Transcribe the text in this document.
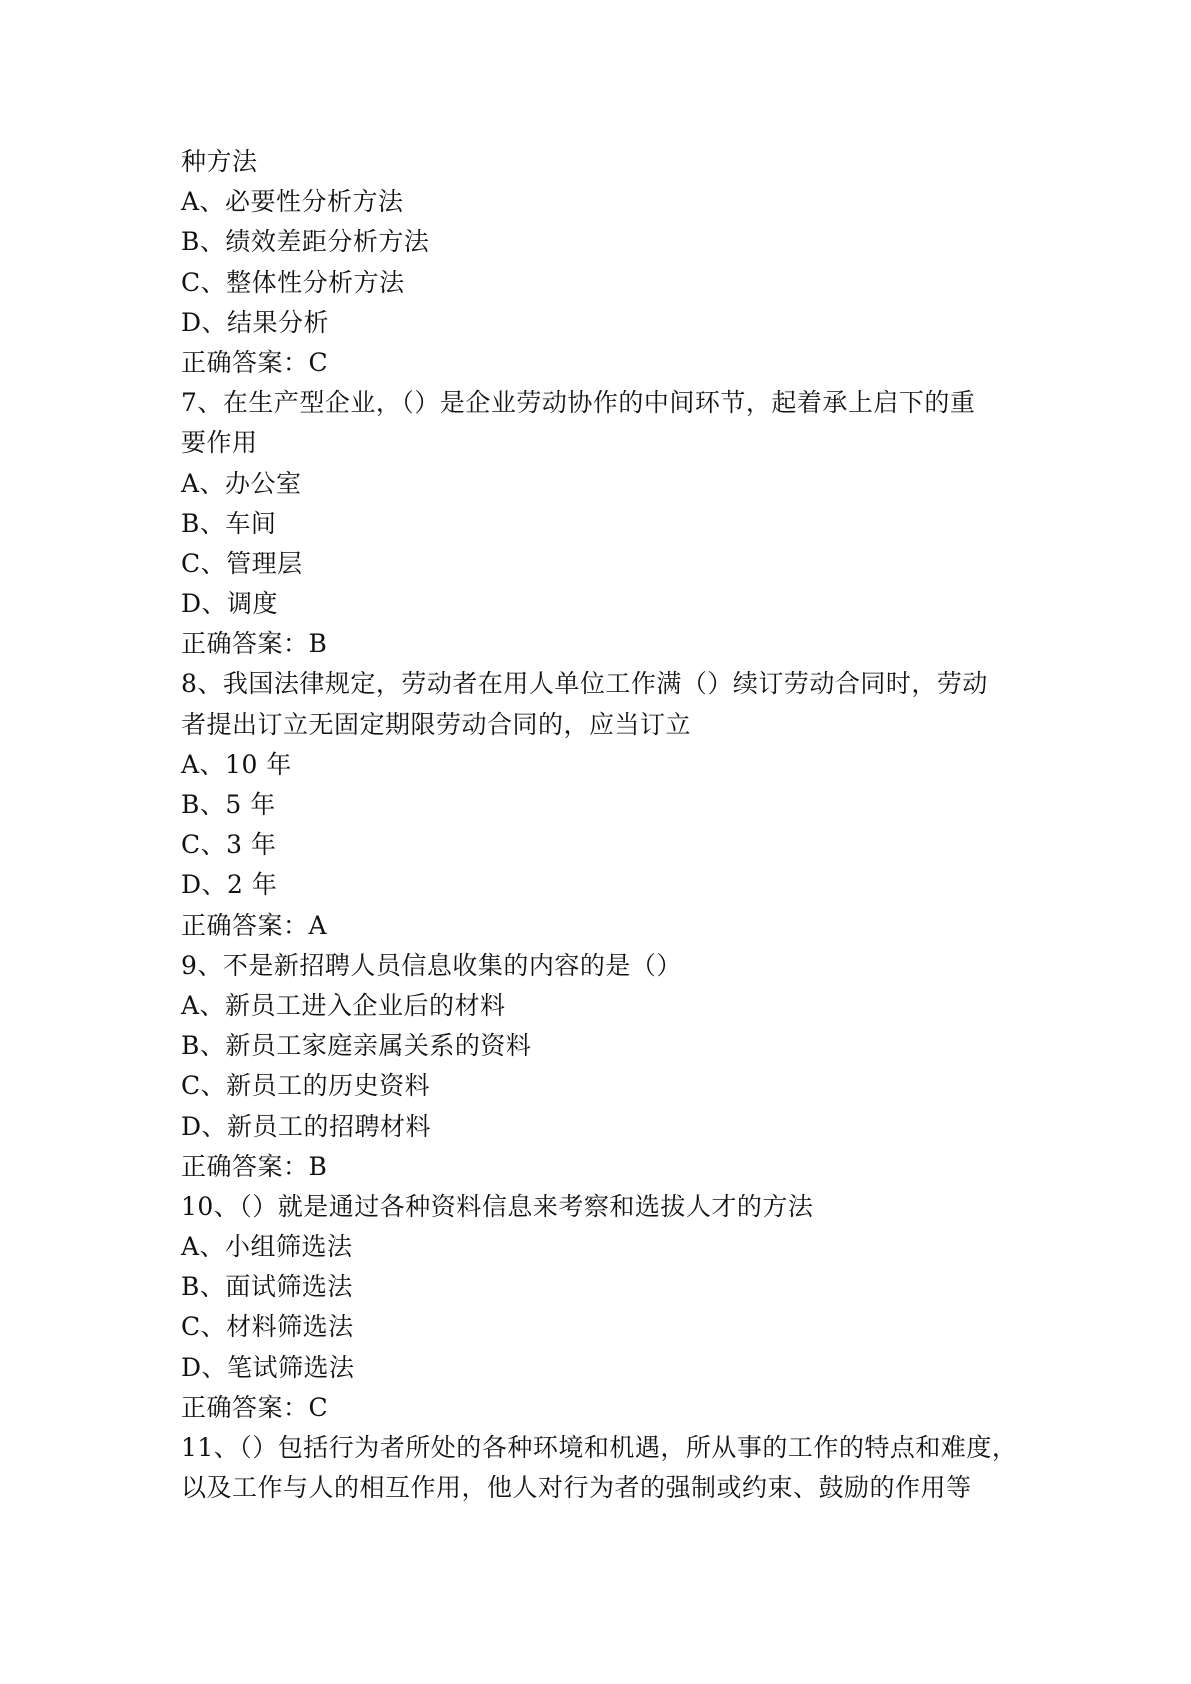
种方法
A、必要性分析方法
B、绩效差距分析方法
C、整体性分析方法
D、结果分析
正确答案：C
7、在生产型企业，（）是企业劳动协作的中间环节，起着承上启下的重
要作用
A、办公室
B、车间
C、管理层
D、调度
正确答案：B
8、我国法律规定，劳动者在用人单位工作满（）续订劳动合同时，劳动
者提出订立无固定期限劳动合同的，应当订立
A、10 年
B、5 年
C、3 年
D、2 年
正确答案：A
9、不是新招聘人员信息收集的内容的是（）
A、新员工进入企业后的材料
B、新员工家庭亲属关系的资料
C、新员工的历史资料
D、新员工的招聘材料
正确答案：B
10、（）就是通过各种资料信息来考察和选拔人才的方法
A、小组筛选法
B、面试筛选法
C、材料筛选法
D、笔试筛选法
正确答案：C
11、（）包括行为者所处的各种环境和机遇，所从事的工作的特点和难度，
以及工作与人的相互作用，他人对行为者的强制或约束、鼓励的作用等
